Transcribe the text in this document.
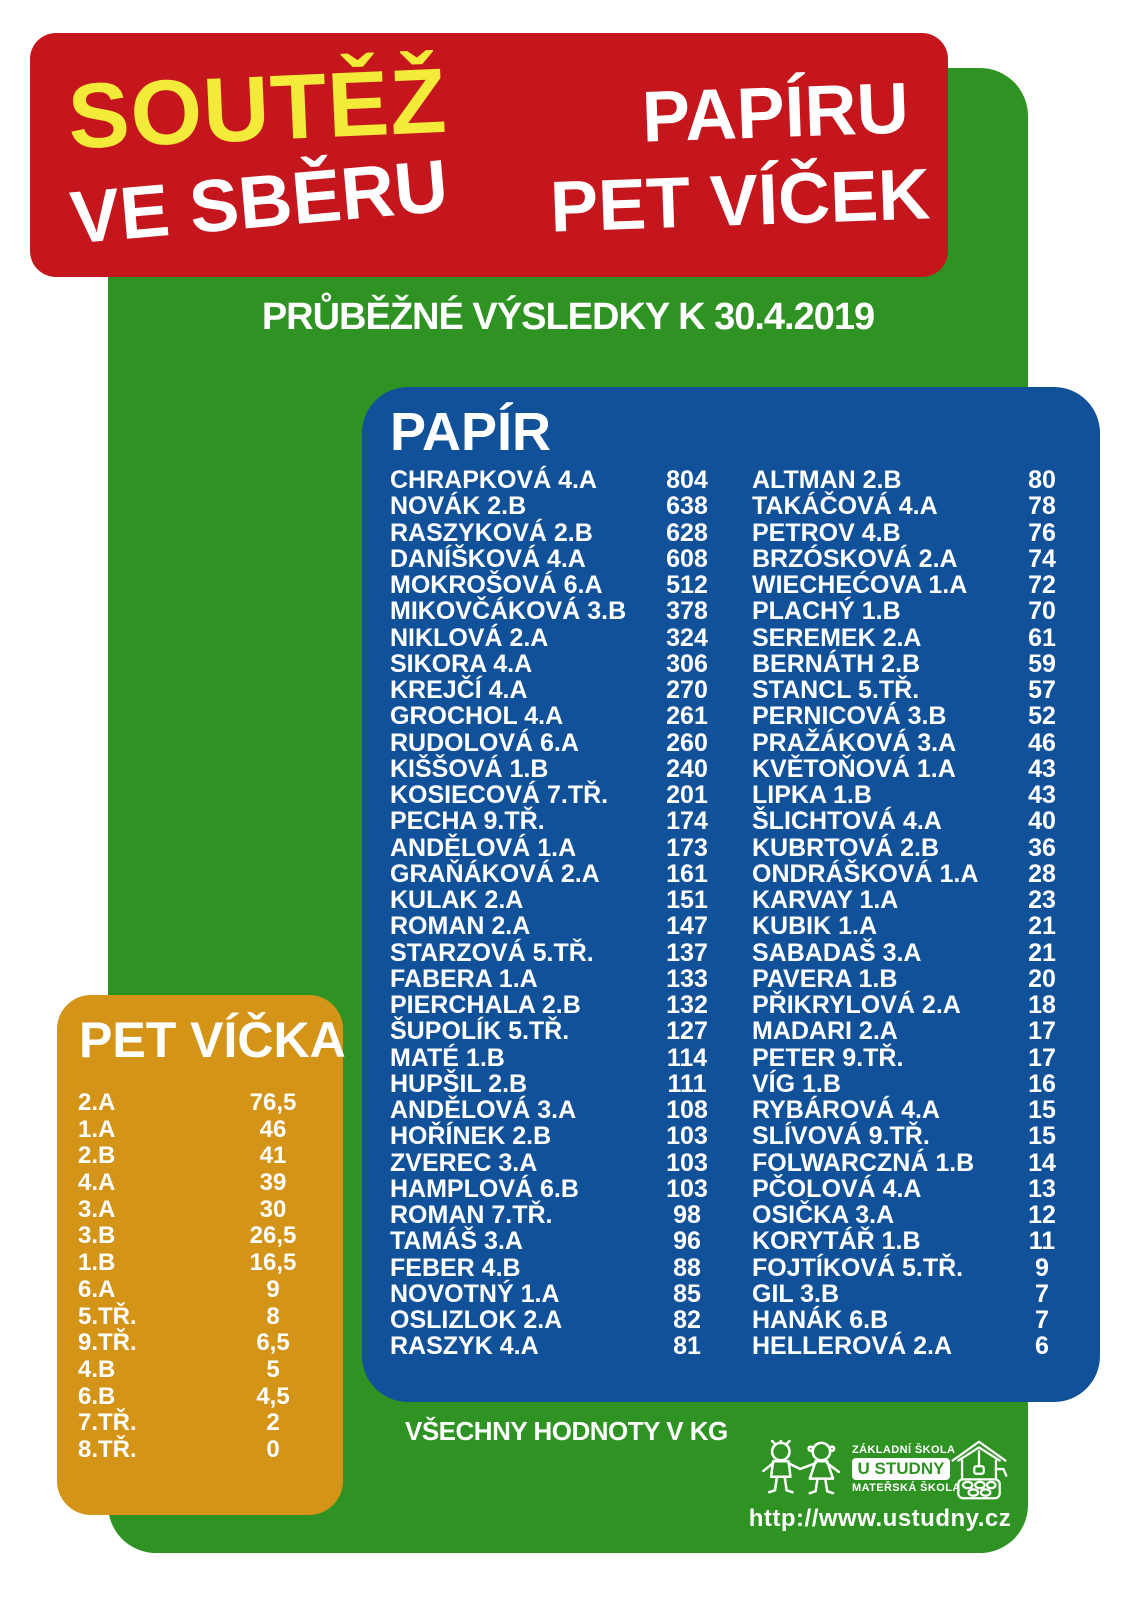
PRŮBĚŽNÉ VÝSLEDKY K 30.4.2019
VŠECHNY HODNOTY V KG
ZÁKLADNÍ ŠKOLA
U STUDNY
MATEŘSKÁ ŠKOLA
http://www.ustudny.cz
SOUTĚŽ
VE SBĚRU
PAPÍRU
PET VÍČEK
PAPÍR
CHRAPKOVÁ 4.A	804
NOVÁK 2.B	638
RASZYKOVÁ 2.B	628
DANÍŠKOVÁ 4.A	608
MOKROŠOVÁ 6.A	512
MIKOVČÁKOVÁ 3.B	378
NIKLOVÁ 2.A	324
SIKORA 4.A	306
KREJČÍ 4.A	270
GROCHOL 4.A	261
RUDOLOVÁ 6.A	260
KIŠŠOVÁ 1.B	240
KOSIECOVÁ 7.TŘ.	201
PECHA 9.TŘ.	174
ANDĚLOVÁ 1.A	173
GRAŇÁKOVÁ 2.A	161
KULAK 2.A	151
ROMAN 2.A	147
STARZOVÁ 5.TŘ.	137
FABERA 1.A	133
PIERCHALA 2.B	132
ŠUPOLÍK 5.TŘ.	127
MATÉ 1.B	114
HUPŠIL 2.B	111
ANDĚLOVÁ 3.A	108
HOŘÍNEK 2.B	103
ZVEREC 3.A	103
HAMPLOVÁ 6.B	103
ROMAN 7.TŘ.	98
TAMÁŠ 3.A	96
FEBER 4.B	88
NOVOTNÝ 1.A	85
OSLIZLOK 2.A	82
RASZYK 4.A	81
ALTMAN 2.B	80
TAKÁČOVÁ 4.A	78
PETROV 4.B	76
BRZÓSKOVÁ 2.A	74
WIECHEĆOVA 1.A	72
PLACHÝ 1.B	70
SEREMEK 2.A	61
BERNÁTH 2.B	59
STANCL 5.TŘ.	57
PERNICOVÁ 3.B	52
PRAŽÁKOVÁ 3.A	46
KVĚTOŇOVÁ 1.A	43
LIPKA 1.B	43
ŠLICHTOVÁ 4.A	40
KUBRTOVÁ 2.B	36
ONDRÁŠKOVÁ 1.A	28
KARVAY 1.A	23
KUBIK 1.A	21
SABADAŠ 3.A	21
PAVERA 1.B	20
PŘIKRYLOVÁ 2.A	18
MADARI 2.A	17
PETER 9.TŘ.	17
VÍG 1.B	16
RYBÁROVÁ 4.A	15
SLÍVOVÁ 9.TŘ.	15
FOLWARCZNÁ 1.B	14
PČOLOVÁ 4.A	13
OSIČKA 3.A	12
KORYTÁŘ 1.B	11
FOJTÍKOVÁ 5.TŘ.	9
GIL 3.B	7
HANÁK 6.B	7
HELLEROVÁ 2.A	6
PET VÍČKA
2.A	76,5
1.A	46
2.B	41
4.A	39
3.A	30
3.B	26,5
1.B	16,5
6.A	9
5.TŘ.	8
9.TŘ.	6,5
4.B	5
6.B	4,5
7.TŘ.	2
8.TŘ.	0
